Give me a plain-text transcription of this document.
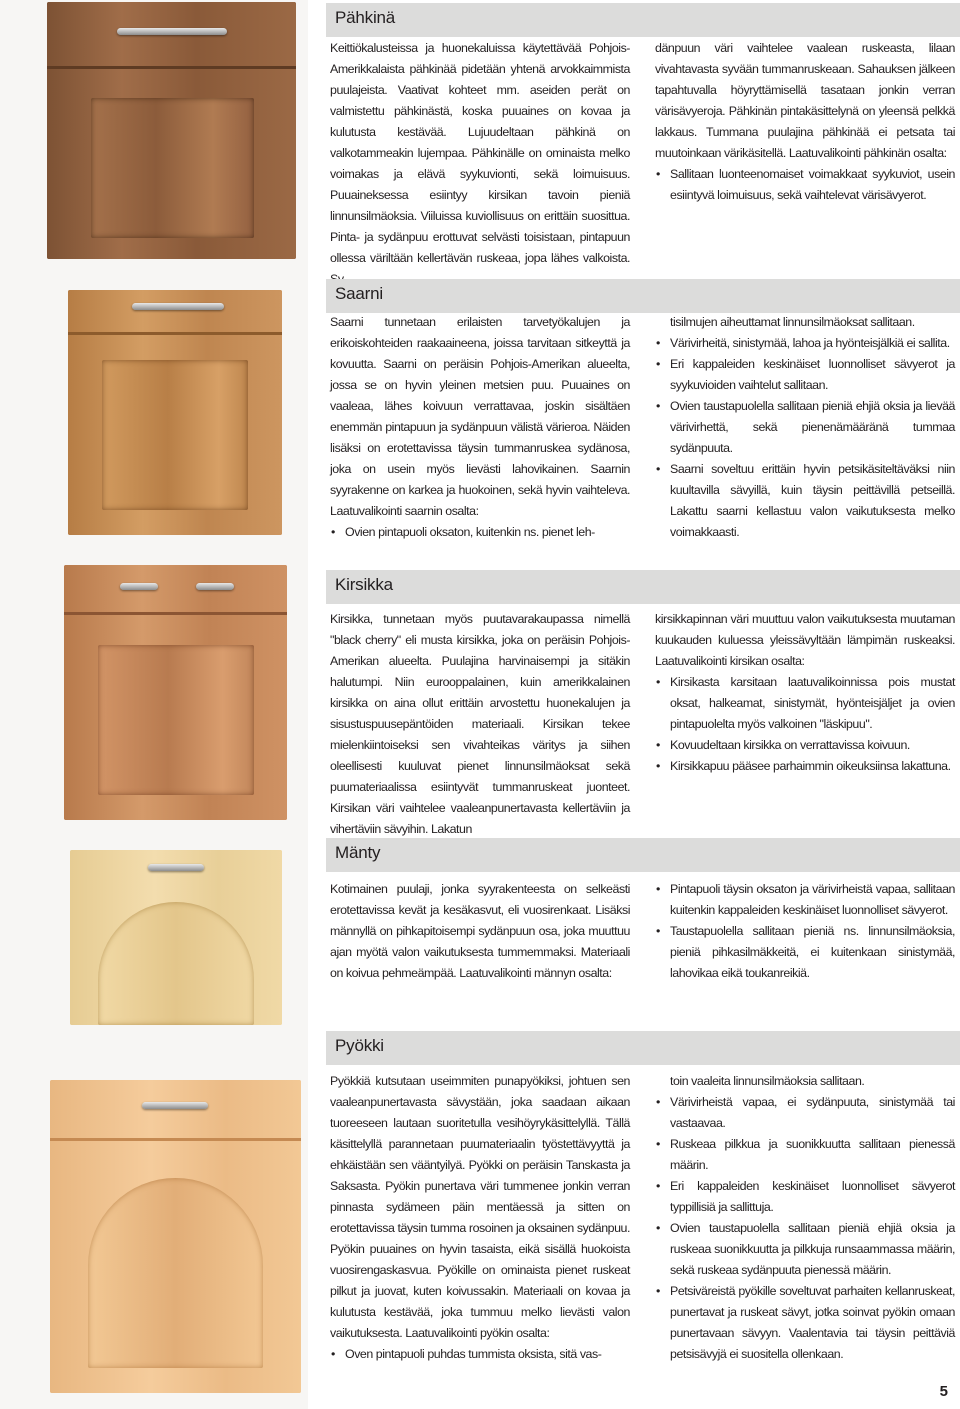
Pähkinä

Keittiökalusteissa ja huonekaluissa käytettävää Pohjois-Amerikkalaista pähkinää pidetään yhtenä arvokkaimmista puulajeista. Vaativat kohteet mm. aseiden perät on valmistettu pähkinästä, koska puuaines on kovaa ja kulutusta kestävää. Lujuudeltaan pähkinä on valkotammeakin lujempaa. Pähkinälle on ominaista melko voimakas ja elävä syykuvionti, sekä loimuisuus. Puuaineksessa esiintyy kirsikan tavoin pieniä linnunsilmäoksia. Viiluissa kuviollisuus on erittäin suosittua. Pinta- ja sydänpuu erottuvat selvästi toisistaan, pintapuun ollessa väriltään kellertävän ruskeaa, jopa lähes valkoista.

dänpuun väri vaihtelee vaalean ruskeasta, lilaan vivahtavasta syvään tummanruskeaan. Sahauksen jälkeen tapahtuvalla höyryttämisellä tasataan jonkin verran värisävyeroja. Pähkinän pintakäsittelynä on yleensä pelkkä lakkaus. Tummana puulajina pähkinää ei petsata tai muutoinkaan värikäsitellä. Laatuvalikointi pähkinän osalta:

• Sallitaan luonteenomaiset voimakkaat syykuviot, usein esiintyvä loimuisuus, sekä vaihtelevat värisävyerot.
Saarni

Saarni tunnetaan erilaisten tarvetyökalujen ja erikoiskohteiden raakaaineena, joissa tarvitaan sitkeyttä ja kovuutta. Saarni on peräisin Pohjois-Amerikan alueelta, jossa se on hyvin yleinen metsien puu. Puuaines on vaaleaa, lähes koivuun verrattavaa, joskin sisältäen enemmän pintapuun ja sydänpuun välistä värieroa. Näiden lisäksi on erotettavissa täysin tummanruskea sydänosa, joka on usein myös lievästi lahovikainen. Saarnin syyrakenne on karkea ja huokoinen, sekä hyvin vaihteleva. Laatuvalikointi saarnin osalta:

• Ovien pintapuoli oksaton, kuitenkin ns. pienet leh-

tisilmujen aiheuttamat linnunsilmäoksat sallitaan.

• Värivirheitä, sinistymää, lahoa ja hyönteisjälkiä ei sallita.
• Eri kappaleiden keskinäiset luonnolliset sävyerot ja syykuvioiden vaihtelut sallitaan.
• Ovien taustapuolella sallitaan pieniä ehjiä oksia ja lievää värivirhettä, sekä pienenämääränä tummaa sydänpuuta.
• Saarni soveltuu erittäin hyvin petsikäsiteltäväksi niin kuultavilla sävyillä, kuin täysin peittävillä petseillä. Lakattu saarni kellastuu valon vaikutuksesta melko voimakkaasti.
Kirsikka

Kirsikka, tunnetaan myös puutavarakaupassa nimellä "black cherry" eli musta kirsikka, joka on peräisin Pohjois-Amerikan alueelta. Puulajina harvinaisempi ja sitäkin halutumpi. Niin eurooppalainen, kuin amerikkalainen kirsikka on aina ollut erittäin arvostettu huonekalujen ja sisustuspuusepäntöiden materiaali. Kirsikan tekee mielenkiintoiseksi sen vivahteikas väritys ja siihen oleellisesti kuuluvat pienet linnunsilmäoksat sekä puumateriaalissa esiintyvät tummanruskeat juonteet. Kirsikan väri vaihtelee vaaleanpunertavasta kellertäviin ja vihertäviin sävyihin. Lakatun

kirsikkapinnan väri muuttuu valon vaikutuksesta muutaman kuukauden kuluessa yleissävyltään lämpimän ruskeaksi. Laatuvalikointi kirsikan osalta:

• Kirsikasta karsitaan laatuvalikoinnissa pois mustat oksat, halkeamat, sinistymät, hyönteisjäljet ja ovien pintapuolelta myös valkoinen "läskipuu".
• Kovuudeltaan kirsikka on verrattavissa koivuun.
• Kirsikkapuu pääsee parhaimmin oikeuksiinsa lakattuna.
Mänty

Kotimainen puulaji, jonka syyrakenteesta on selkeästi erotettavissa kevät ja kesäkasvut, eli vuosirenkaat. Lisäksi männyllä on pihkapitoisempi sydänpuun osa, joka muuttuu ajan myötä valon vaikutuksesta tummemmaksi. Materiaali on koivua pehmeämpää. Laatuvalikointi männyn osalta:

• Pintapuoli täysin oksaton ja värivirheistä vapaa, sallitaan kuitenkin kappaleiden keskinäiset luonnolliset sävyerot.
• Taustapuolella sallitaan pieniä ns. linnunsilmäoksia, pieniä pihkasilmäkkeitä, ei kuitenkaan sinistymää, lahovikaa eikä toukanreikiä.
Pyökki

Pyökkiä kutsutaan useimmiten punapyökiksi, johtuen sen vaaleanpunertavasta sävystään, joka saadaan aikaan tuoreeseen lautaan suoritetulla vesihöyrykäsittelyllä. Tällä käsittelyllä parannetaan puumateriaalin työstettävyyttä ja ehkäistään sen vääntyilyä. Pyökki on peräisin Tanskasta ja Saksasta. Pyökin punertava väri tummenee jonkin verran pinnasta sydämeen päin mentäessä ja sitten on erotettavissa täysin tumma rosoinen ja oksainen sydänpuu. Pyökin puuaines on hyvin tasaista, eikä sisällä huokoista vuosirengaskasvua. Pyökille on ominaista pienet ruskeat pilkut ja juovat, kuten koivussakin. Materiaali on kovaa ja kulutusta kestävää, joka tummuu melko lievästi valon vaikutuksesta. Laatuvalikointi pyökin osalta:

• Oven pintapuoli puhdas tummista oksista, sitä vas-

toin vaaleita linnunsilmäoksia sallitaan.

• Värivirheistä vapaa, ei sydänpuuta, sinistymää tai vastaavaa.
• Ruskeaa pilkkua ja suonikkuutta sallitaan pienessä määrin.
• Eri kappaleiden keskinäiset luonnolliset sävyerot typpillisiä ja sallittuja.
• Ovien taustapuolella sallitaan pieniä ehjiä oksia ja ruskeaa suonikkuutta ja pilkkuja runsaammassa määrin, sekä ruskeaa sydänpuuta pienessä määrin.
• Petsiväreistä pyökille soveltuvat parhaiten kellanruskeat, punertavat ja ruskeat sävyt, jotka soinvat pyökin omaan punertavaan sävyyn. Vaalentavia tai täysin peittäviä petsisävyjä ei suositella ollenkaan.
5
